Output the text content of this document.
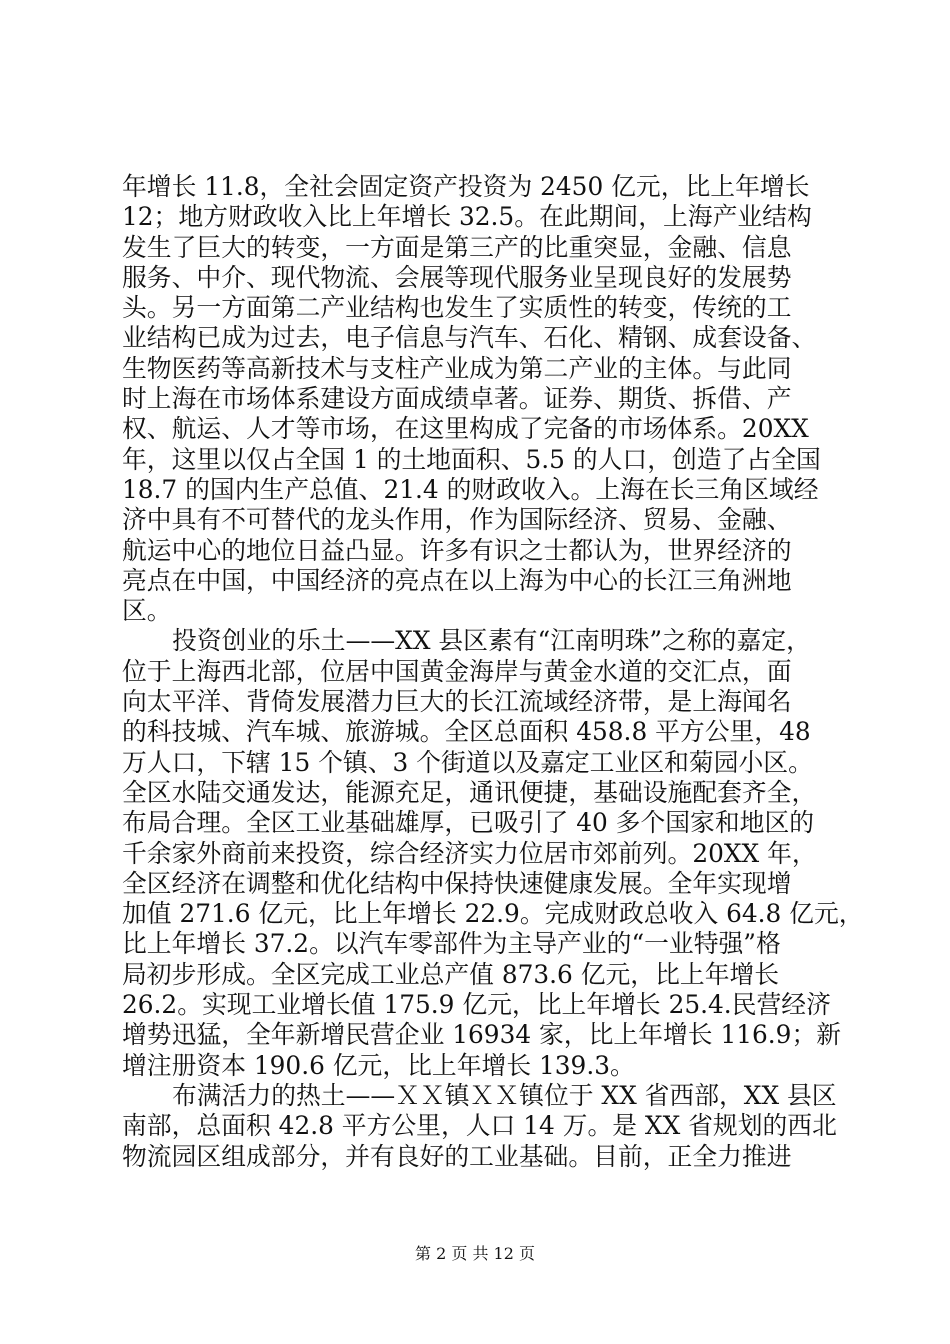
年增长 11.8，全社会固定资产投资为 2450 亿元，比上年增长
12；地方财政收入比上年增长 32.5。在此期间，上海产业结构
发生了巨大的转变，一方面是第三产的比重突显，金融、信息
服务、中介、现代物流、会展等现代服务业呈现良好的发展势
头。另一方面第二产业结构也发生了实质性的转变，传统的工
业结构已成为过去，电子信息与汽车、石化、精钢、成套设备、
生物医药等高新技术与支柱产业成为第二产业的主体。与此同
时上海在市场体系建设方面成绩卓著。证券、期货、拆借、产
权、航运、人才等市场，在这里构成了完备的市场体系。20XX
年，这里以仅占全国 1 的土地面积、5.5 的人口，创造了占全国
18.7 的国内生产总值、21.4 的财政收入。上海在长三角区域经
济中具有不可替代的龙头作用，作为国际经济、贸易、金融、
航运中心的地位日益凸显。许多有识之士都认为，世界经济的
亮点在中国，中国经济的亮点在以上海为中心的长江三角洲地
区。
投资创业的乐土——XX 县区素有“江南明珠”之称的嘉定，
位于上海西北部，位居中国黄金海岸与黄金水道的交汇点，面
向太平洋、背倚发展潜力巨大的长江流域经济带，是上海闻名
的科技城、汽车城、旅游城。全区总面积 458.8 平方公里，48
万人口，下辖 15 个镇、3 个街道以及嘉定工业区和菊园小区。
全区水陆交通发达，能源充足，通讯便捷，基础设施配套齐全，
布局合理。全区工业基础雄厚，已吸引了 40 多个国家和地区的
千余家外商前来投资，综合经济实力位居市郊前列。20XX 年，
全区经济在调整和优化结构中保持快速健康发展。全年实现增
加值 271.6 亿元，比上年增长 22.9。完成财政总收入 64.8 亿元，
比上年增长 37.2。以汽车零部件为主导产业的“一业特强”格
局初步形成。全区完成工业总产值 873.6 亿元，比上年增长
26.2。实现工业增长值 175.9 亿元，比上年增长 25.4.民营经济
增势迅猛，全年新增民营企业 16934 家，比上年增长 116.9；新
增注册资本 190.6 亿元，比上年增长 139.3。
布满活力的热土——ＸＸ镇ＸＸ镇位于 XX 省西部，XX 县区
南部，总面积 42.8 平方公里，人口 14 万。是 XX 省规划的西北
物流园区组成部分，并有良好的工业基础。目前，正全力推进
第 2 页 共 12 页
